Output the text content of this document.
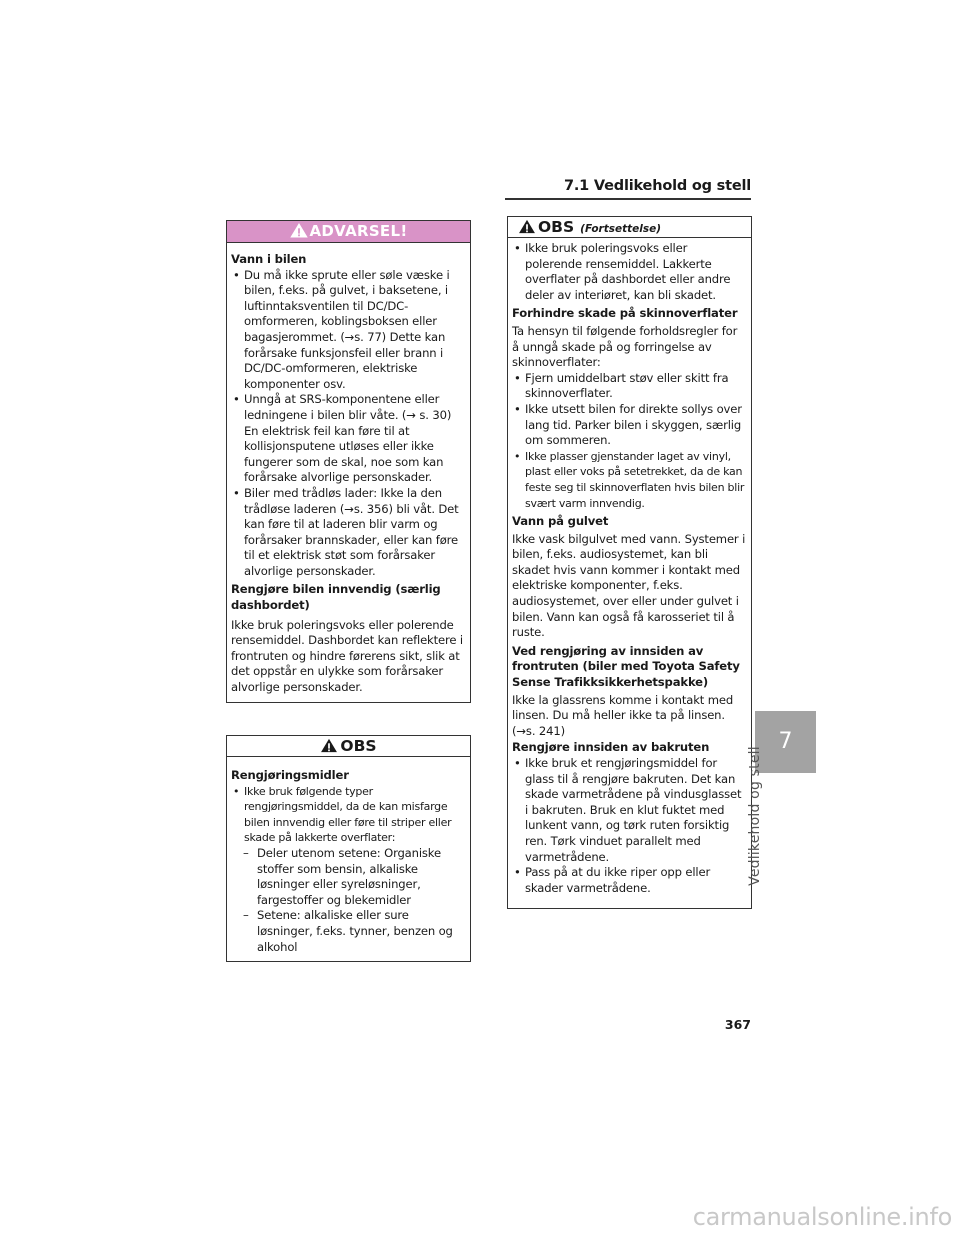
7.1 Vedlikehold og stell
ADVARSEL!
Vann i bilen
• Du må ikke sprute eller søle væske i bilen, f.eks. på gulvet, i baksetene, i luftinntaksventilen til DC/DC-omformeren, koblingsboksen eller bagasjerommet. (→s. 77) Dette kan forårsake funksjonsfeil eller brann i DC/DC-omformeren, elektriske komponenter osv.
• Unngå at SRS-komponentene eller ledningene i bilen blir våte. (→ s. 30) En elektrisk feil kan føre til at kollisjonsputene utløses eller ikke fungerer som de skal, noe som kan forårsake alvorlige personskader.
• Biler med trådløs lader: Ikke la den trådløse laderen (→s. 356) bli våt. Det kan føre til at laderen blir varm og forårsaker brannskader, eller kan føre til et elektrisk støt som forårsaker alvorlige personskader.
Rengjøre bilen innvendig (særlig dashbordet)
Ikke bruk poleringsvoks eller polerende rensemiddel. Dashbordet kan reflektere i frontruten og hindre førerens sikt, slik at det oppstår en ulykke som forårsaker alvorlige personskader.
OBS
Rengjøringsmidler
• Ikke bruk følgende typer rengjøringsmiddel, da de kan misfarge bilen innvendig eller føre til striper eller skade på lakkerte overflater:
– Deler utenom setene: Organiske stoffer som bensin, alkaliske løsninger eller syreløsninger, fargestoffer og blekemidler
– Setene: alkaliske eller sure løsninger, f.eks. tynner, benzen og alkohol
OBS (Fortsettelse)
• Ikke bruk poleringsvoks eller polerende rensemiddel. Lakkerte overflater på dashbordet eller andre deler av interiøret, kan bli skadet.
Forhindre skade på skinnoverflater
Ta hensyn til følgende forholdsregler for å unngå skade på og forringelse av skinnoverflater:
• Fjern umiddelbart støv eller skitt fra skinnoverflater.
• Ikke utsett bilen for direkte sollys over lang tid. Parker bilen i skyggen, særlig om sommeren.
• Ikke plasser gjenstander laget av vinyl, plast eller voks på setetrekket, da de kan feste seg til skinnoverflaten hvis bilen blir svært varm innvendig.
Vann på gulvet
Ikke vask bilgulvet med vann. Systemer i bilen, f.eks. audiosystemet, kan bli skadet hvis vann kommer i kontakt med elektriske komponenter, f.eks. audiosystemet, over eller under gulvet i bilen. Vann kan også få karosseriet til å ruste.
Ved rengjøring av innsiden av frontruten (biler med Toyota Safety Sense Trafikksikkerhetspakke)
Ikke la glassrens komme i kontakt med linsen. Du må heller ikke ta på linsen. (→s. 241)
Rengjøre innsiden av bakruten
• Ikke bruk et rengjøringsmiddel for glass til å rengjøre bakruten. Det kan skade varmetrådene på vindusglasset i bakruten. Bruk en klut fuktet med lunkent vann, og tørk ruten forsiktig ren. Tørk vinduet parallelt med varmetrådene.
• Pass på at du ikke riper opp eller skader varmetrådene.
7
Vedlikehold og stell
367
carmanualsonline.info
